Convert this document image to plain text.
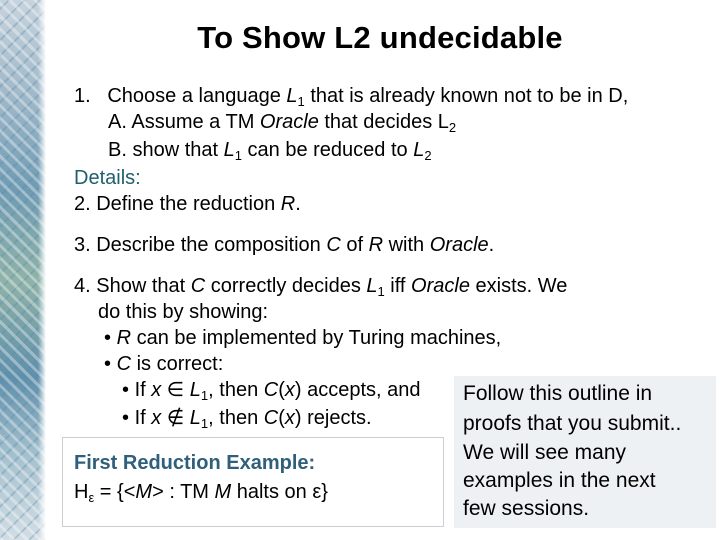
To Show L2 undecidable
1. Choose a language $L_1$ that is already known not to be in D,
A. Assume a TM Oracle that decides $L_2$
B. show that $L_1$ can be reduced to $L_2$
Details:
2. Define the reduction R.
3. Describe the composition C of R with Oracle.
4. Show that C correctly decides $L_1$ iff Oracle exists. We
do this by showing:
• R can be implemented by Turing machines,
• C is correct:
• If x ∈ $L_1$, then C(x) accepts, and
• If x ∉ $L_1$, then C(x) rejects.
First Reduction Example:
$H_\varepsilon = \{<M>$ : TM M halts on ε}
Follow this outline in
proofs that you submit..
We will see many
examples in the next
few sessions.
